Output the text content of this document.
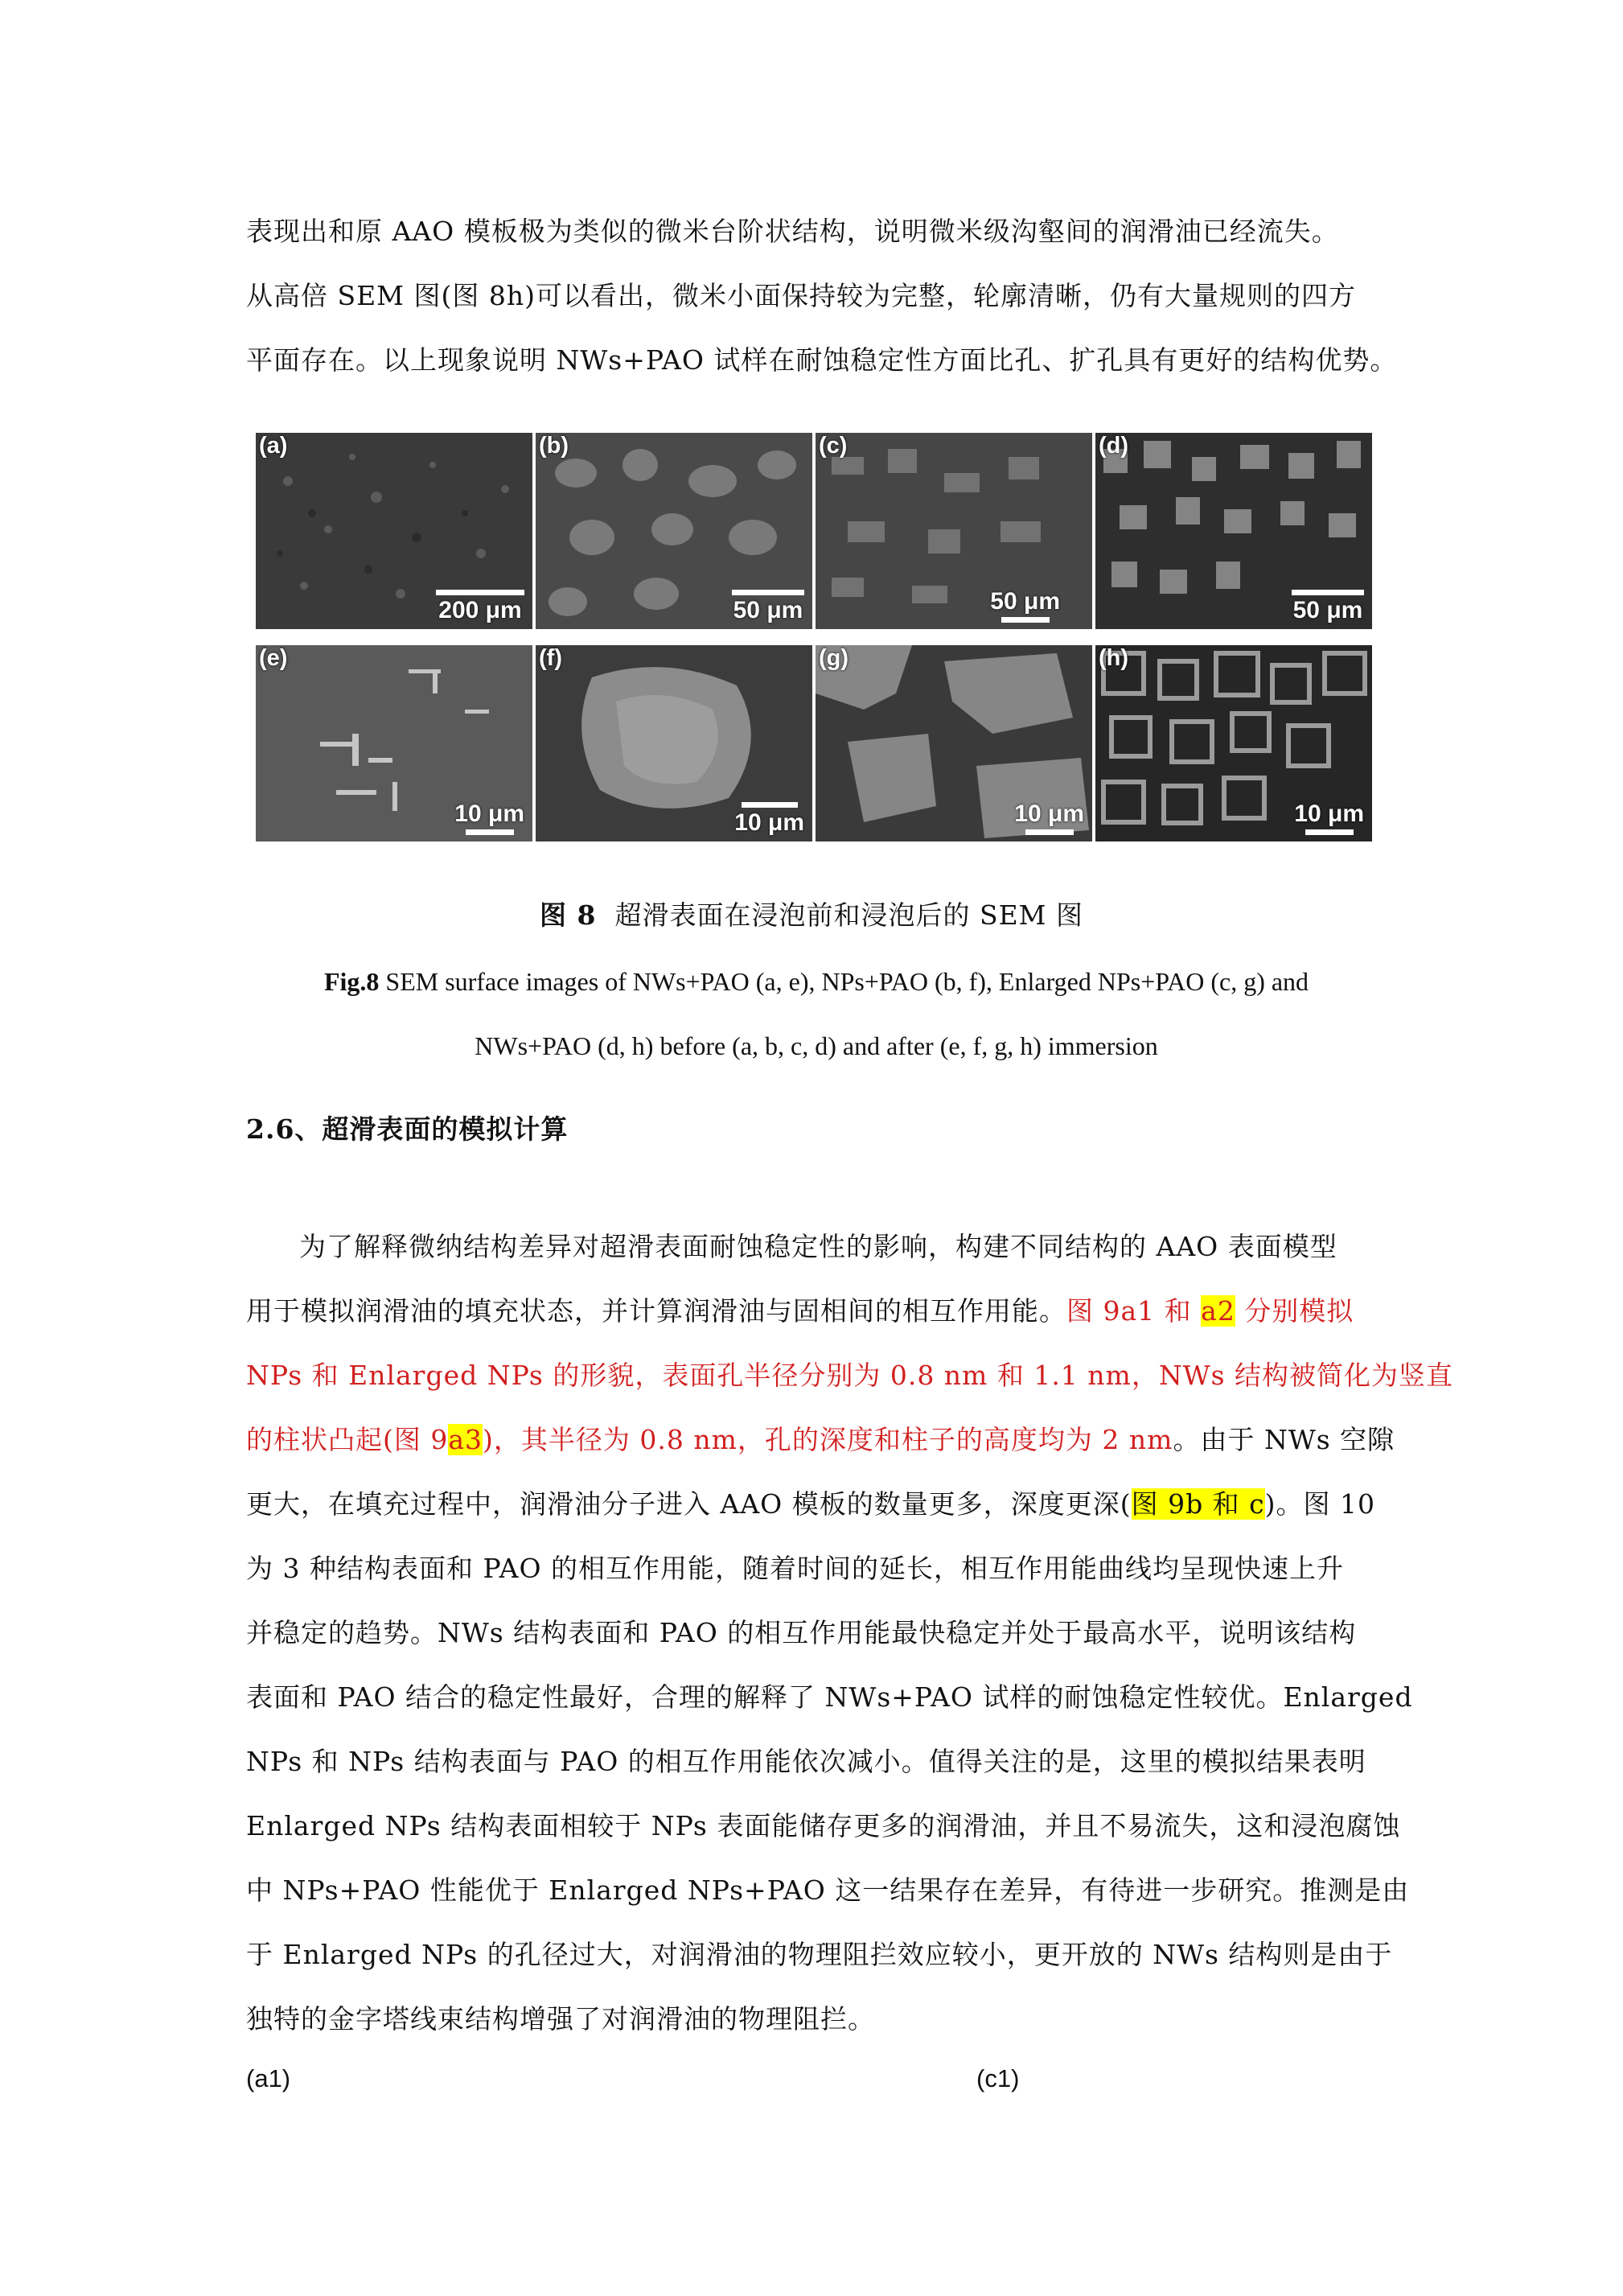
表现出和原 AAO 模板极为类似的微米台阶状结构，说明微米级沟壑间的润滑油已经流失。
从高倍 SEM 图(图 8h)可以看出，微米小面保持较为完整，轮廓清晰，仍有大量规则的四方
平面存在。以上现象说明 NWs+PAO 试样在耐蚀稳定性方面比孔、扩孔具有更好的结构优势。
(a)
200 μm
(b)
50 μm
(c)
50 μm
(d)
50 μm
(e)
10 μm
(f)
10 μm
(g)
10 μm
(h)
10 μm
图 8 超滑表面在浸泡前和浸泡后的 SEM 图
Fig.8 SEM surface images of NWs+PAO (a, e), NPs+PAO (b, f), Enlarged NPs+PAO (c, g) and
NWs+PAO (d, h) before (a, b, c, d) and after (e, f, g, h) immersion
2.6、超滑表面的模拟计算
为了解释微纳结构差异对超滑表面耐蚀稳定性的影响，构建不同结构的 AAO 表面模型
用于模拟润滑油的填充状态，并计算润滑油与固相间的相互作用能。图 9a1 和 a2 分别模拟
NPs 和 Enlarged NPs 的形貌，表面孔半径分别为 0.8 nm 和 1.1 nm，NWs 结构被简化为竖直
的柱状凸起(图 9a3)，其半径为 0.8 nm，孔的深度和柱子的高度均为 2 nm。由于 NWs 空隙
更大，在填充过程中，润滑油分子进入 AAO 模板的数量更多，深度更深(图 9b 和 c)。图 10
为 3 种结构表面和 PAO 的相互作用能，随着时间的延长，相互作用能曲线均呈现快速上升
并稳定的趋势。NWs 结构表面和 PAO 的相互作用能最快稳定并处于最高水平，说明该结构
表面和 PAO 结合的稳定性最好，合理的解释了 NWs+PAO 试样的耐蚀稳定性较优。Enlarged
NPs 和 NPs 结构表面与 PAO 的相互作用能依次减小。值得关注的是，这里的模拟结果表明
Enlarged NPs 结构表面相较于 NPs 表面能储存更多的润滑油，并且不易流失，这和浸泡腐蚀
中 NPs+PAO 性能优于 Enlarged NPs+PAO 这一结果存在差异，有待进一步研究。推测是由
于 Enlarged NPs 的孔径过大，对润滑油的物理阻拦效应较小，更开放的 NWs 结构则是由于
独特的金字塔线束结构增强了对润滑油的物理阻拦。
(a1)	(c1)
